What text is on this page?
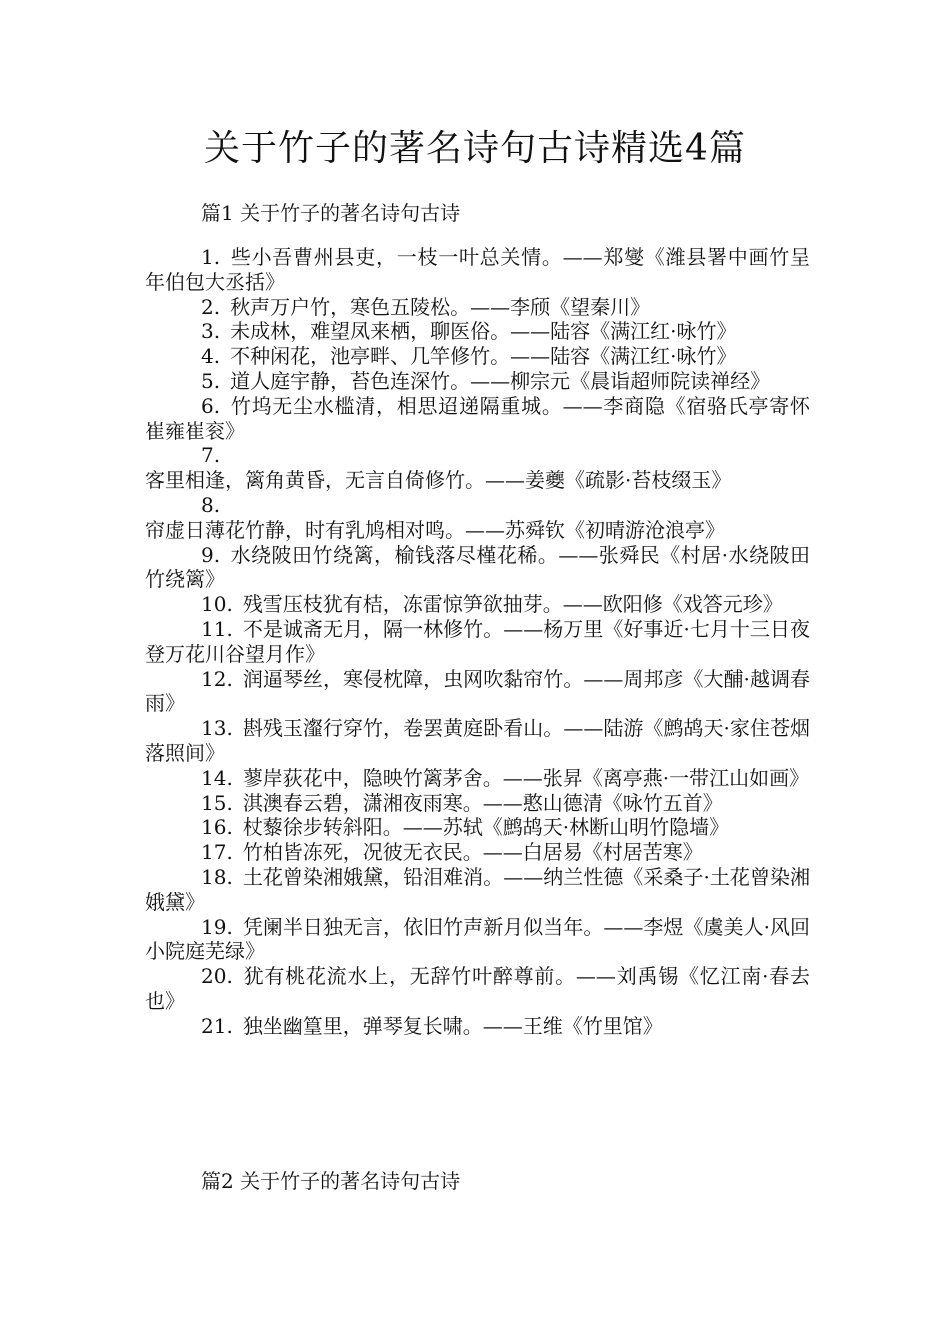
关于竹子的著名诗句古诗精选4篇
篇1 关于竹子的著名诗句古诗
1. 些小吾曹州县吏，一枝一叶总关情。——郑燮《潍县署中画竹呈年伯包大丞括》
2. 秋声万户竹，寒色五陵松。——李颀《望秦川》
3. 未成林，难望凤来栖，聊医俗。——陆容《满江红·咏竹》
4. 不种闲花，池亭畔、几竿修竹。——陆容《满江红·咏竹》
5. 道人庭宇静，苔色连深竹。——柳宗元《晨诣超师院读禅经》
6. 竹坞无尘水槛清，相思迢递隔重城。——李商隐《宿骆氏亭寄怀崔雍崔衮》
7.客里相逢，篱角黄昏，无言自倚修竹。——姜夔《疏影·苔枝缀玉》
8.帘虚日薄花竹静，时有乳鸠相对鸣。——苏舜钦《初晴游沧浪亭》
9. 水绕陂田竹绕篱，榆钱落尽槿花稀。——张舜民《村居·水绕陂田竹绕篱》
10. 残雪压枝犹有桔，冻雷惊笋欲抽芽。——欧阳修《戏答元珍》
11. 不是诚斋无月，隔一林修竹。——杨万里《好事近·七月十三日夜登万花川谷望月作》
12. 润逼琴丝，寒侵枕障，虫网吹黏帘竹。——周邦彦《大酺·越调春雨》
13. 斟残玉瀣行穿竹，卷罢黄庭卧看山。——陆游《鹧鸪天·家住苍烟落照间》
14. 蓼岸荻花中，隐映竹篱茅舍。——张昇《离亭燕·一带江山如画》
15. 淇澳春云碧，潇湘夜雨寒。——憨山德清《咏竹五首》
16. 杖藜徐步转斜阳。——苏轼《鹧鸪天·林断山明竹隐墙》
17. 竹柏皆冻死，况彼无衣民。——白居易《村居苦寒》
18. 土花曾染湘娥黛，铅泪难消。——纳兰性德《采桑子·土花曾染湘娥黛》
19. 凭阑半日独无言，依旧竹声新月似当年。——李煜《虞美人·风回小院庭芜绿》
20. 犹有桃花流水上，无辞竹叶醉尊前。——刘禹锡《忆江南·春去也》
21. 独坐幽篁里，弹琴复长啸。——王维《竹里馆》
篇2 关于竹子的著名诗句古诗
